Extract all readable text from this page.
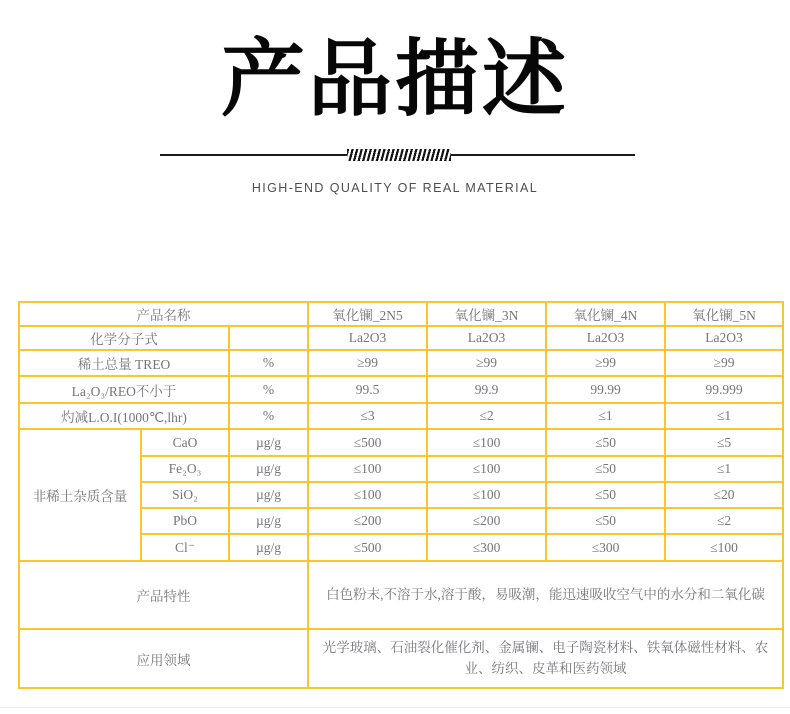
产品描述
HIGH-END QUALITY OF REAL MATERIAL
产品名称			氧化镧_2N5	氧化镧_3N	氧化镧_4N	氧化镧_5N
化学分子式			La2O3	La2O3	La2O3	La2O3
稀土总量 TREO		%	≥99	≥99	≥99	≥99
La₂O₃/REO不小于		%	99.5	99.9	99.99	99.999
灼减L.O.I(1000℃,lhr)		%	≤3	≤2	≤1	≤1
非稀土杂质含量	CaO	µg/g	≤500	≤100	≤50	≤5
	Fe₂O₃	µg/g	≤100	≤100	≤50	≤1
	SiO₂	µg/g	≤100	≤100	≤50	≤20
	PbO	µg/g	≤200	≤200	≤50	≤2
	Cl⁻	µg/g	≤500	≤300	≤300	≤100
产品特性			白色粉末,不溶于水,溶于酸，易吸潮，能迅速吸收空气中的水分和二氧化碳			
应用领域			光学玻璃、石油裂化催化剂、金属镧、电子陶瓷材料、铁氧体磁性材料、农业、纺织、皮革和医药领域			
